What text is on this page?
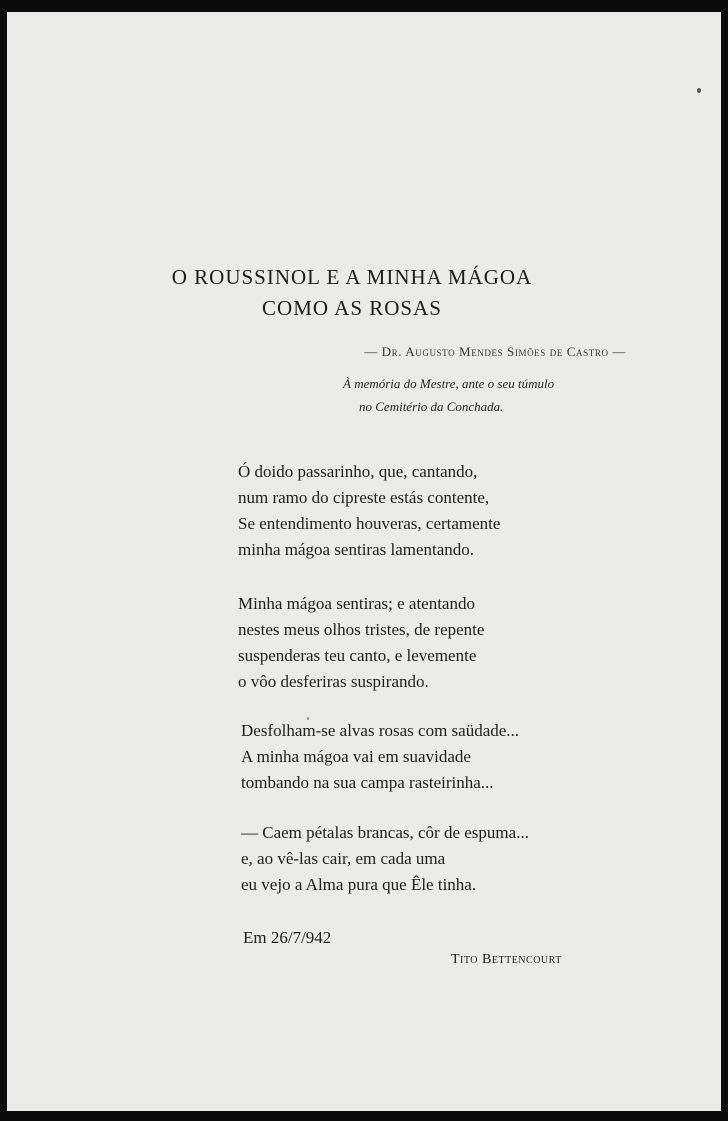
O ROUSSINOL E A MINHA MÁGOA
COMO AS ROSAS
— Dr. Augusto Mendes Simões de Castro —
À memória do Mestre, ante o seu túmulo
no Cemitério da Conchada.
Ó doido passarinho, que, cantando,
num ramo do cipreste estás contente,
Se entendimento houveras, certamente
minha mágoa sentiras lamentando.
Minha mágoa sentiras; e atentando
nestes meus olhos tristes, de repente
suspenderas teu canto, e levemente
o vôo desferiras suspirando.
Desfolham-se alvas rosas com saüdade...
A minha mágoa vai em suavidade
tombando na sua campa rasteirinha...
— Caem pétalas brancas, côr de espuma...
e, ao vê-las cair, em cada uma
eu vejo a Alma pura que Êle tinha.
Em 26/7/942
Tito Bettencourt
